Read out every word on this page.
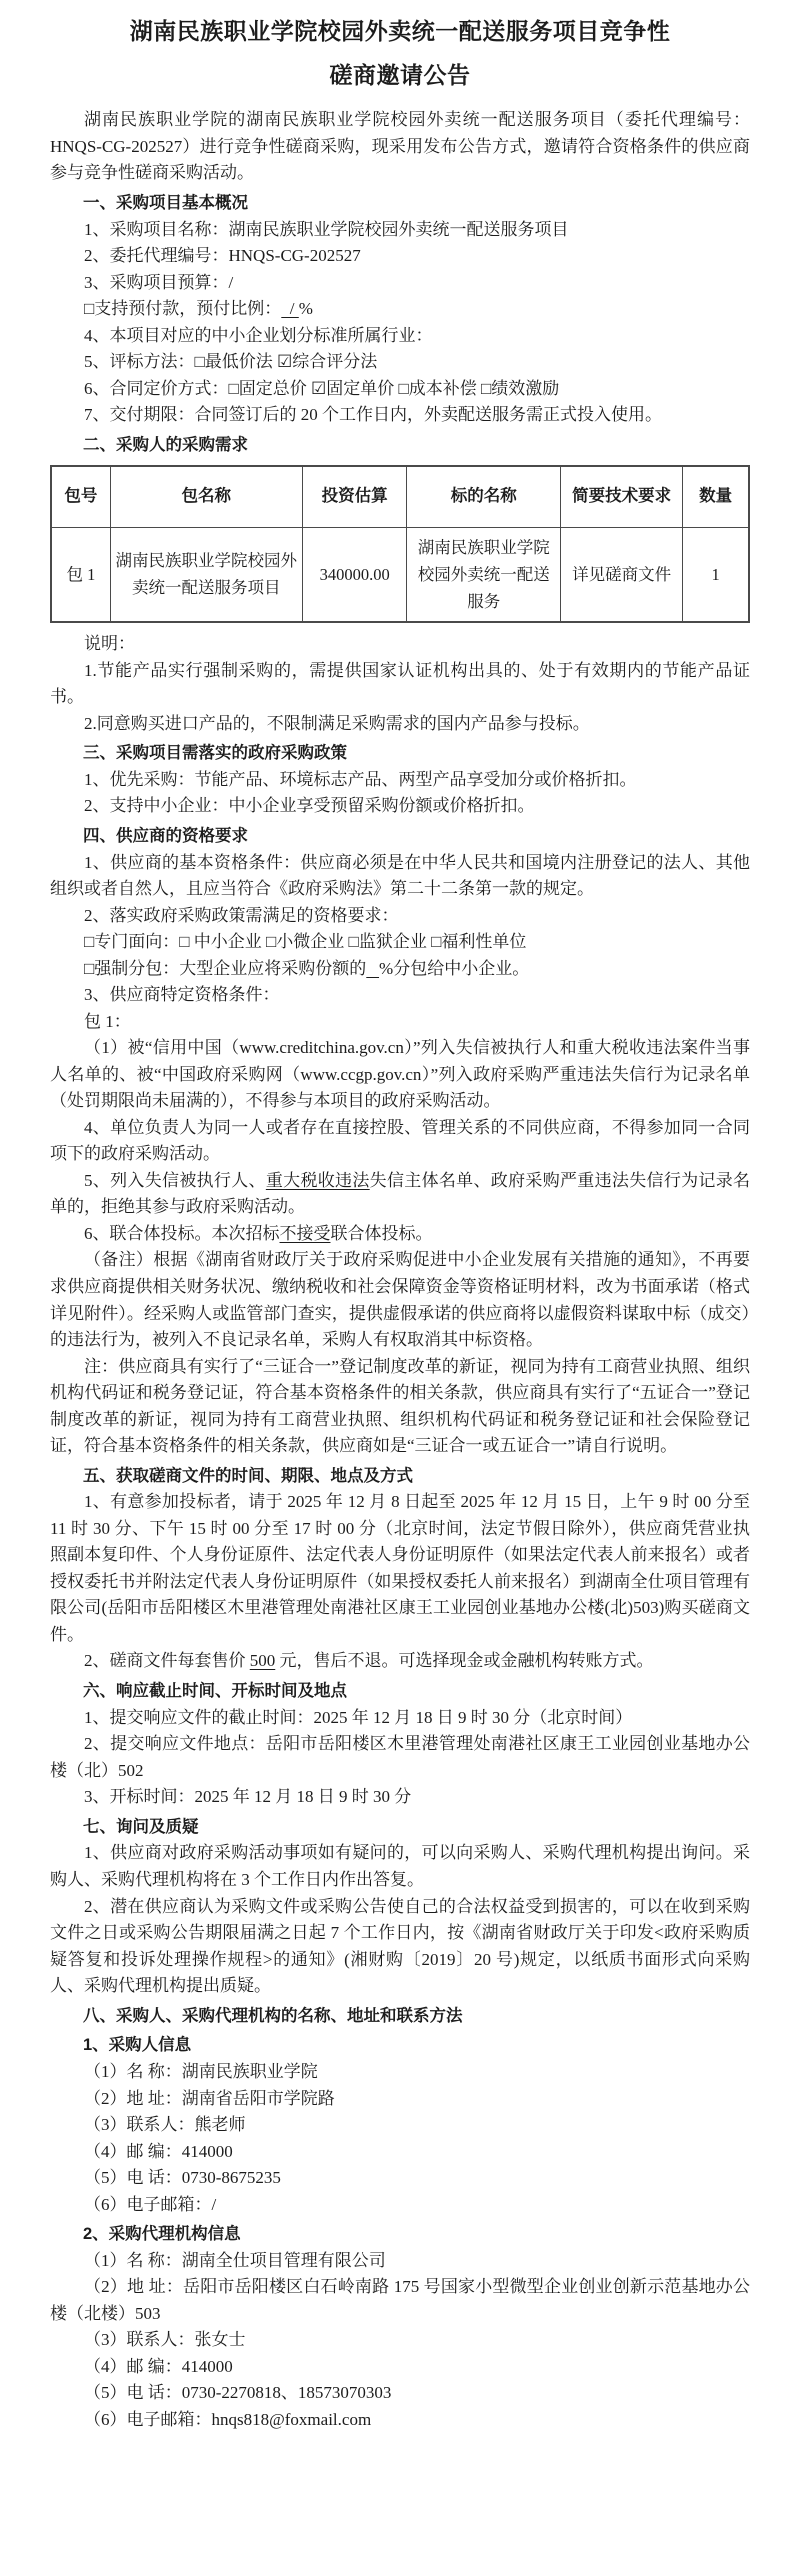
湖南民族职业学院校园外卖统一配送服务项目竞争性
磋商邀请公告

湖南民族职业学院的湖南民族职业学院校园外卖统一配送服务项目（委托代理编号：HNQS-CG-202527）进行竞争性磋商采购，现采用发布公告方式，邀请符合资格条件的供应商参与竞争性磋商采购活动。

一、采购项目基本概况

1、采购项目名称：湖南民族职业学院校园外卖统一配送服务项目

2、委托代理编号：HNQS-CG-202527

3、采购项目预算：/

□支持预付款，预付比例：  / %

4、本项目对应的中小企业划分标准所属行业：

5、评标方法：□最低价法 ☑综合评分法

6、合同定价方式：□固定总价 ☑固定单价 □成本补偿 □绩效激励

7、交付期限：合同签订后的 20 个工作日内，外卖配送服务需正式投入使用。

二、采购人的采购需求

包号	包名称	投资估算	标的名称	简要技术要求	数量
包 1	湖南民族职业学院校园外卖统一配送服务项目	340000.00	湖南民族职业学院校园外卖统一配送服务	详见磋商文件	1

说明：

1.节能产品实行强制采购的，需提供国家认证机构出具的、处于有效期内的节能产品证书。

2.同意购买进口产品的，不限制满足采购需求的国内产品参与投标。

三、采购项目需落实的政府采购政策

1、优先采购：节能产品、环境标志产品、两型产品享受加分或价格折扣。

2、支持中小企业：中小企业享受预留采购份额或价格折扣。

四、供应商的资格要求

1、供应商的基本资格条件：供应商必须是在中华人民共和国境内注册登记的法人、其他组织或者自然人，且应当符合《政府采购法》第二十二条第一款的规定。

2、落实政府采购政策需满足的资格要求：

□专门面向：□ 中小企业 □小微企业 □监狱企业 □福利性单位

□强制分包：大型企业应将采购份额的 %分包给中小企业。

3、供应商特定资格条件：

包 1：

（1）被“信用中国（www.creditchina.gov.cn）”列入失信被执行人和重大税收违法案件当事人名单的、被“中国政府采购网（www.ccgp.gov.cn）”列入政府采购严重违法失信行为记录名单（处罚期限尚未届满的），不得参与本项目的政府采购活动。

4、单位负责人为同一人或者存在直接控股、管理关系的不同供应商，不得参加同一合同项下的政府采购活动。

5、列入失信被执行人、重大税收违法失信主体名单、政府采购严重违法失信行为记录名单的，拒绝其参与政府采购活动。

6、联合体投标。本次招标不接受联合体投标。

（备注）根据《湖南省财政厅关于政府采购促进中小企业发展有关措施的通知》，不再要求供应商提供相关财务状况、缴纳税收和社会保障资金等资格证明材料，改为书面承诺（格式详见附件）。经采购人或监管部门查实，提供虚假承诺的供应商将以虚假资料谋取中标（成交）的违法行为，被列入不良记录名单，采购人有权取消其中标资格。

注：供应商具有实行了“三证合一”登记制度改革的新证，视同为持有工商营业执照、组织机构代码证和税务登记证，符合基本资格条件的相关条款，供应商具有实行了“五证合一”登记制度改革的新证，视同为持有工商营业执照、组织机构代码证和税务登记证和社会保险登记证，符合基本资格条件的相关条款，供应商如是“三证合一或五证合一”请自行说明。

五、获取磋商文件的时间、期限、地点及方式

1、有意参加投标者，请于 2025 年 12 月 8 日起至 2025 年 12 月 15 日，上午 9 时 00 分至 11 时 30 分、下午 15 时 00 分至 17 时 00 分（北京时间，法定节假日除外），供应商凭营业执照副本复印件、个人身份证原件、法定代表人身份证明原件（如果法定代表人前来报名）或者授权委托书并附法定代表人身份证明原件（如果授权委托人前来报名）到湖南全仕项目管理有限公司(岳阳市岳阳楼区木里港管理处南港社区康王工业园创业基地办公楼(北)503)购买磋商文件。

2、磋商文件每套售价 500 元，售后不退。可选择现金或金融机构转账方式。

六、响应截止时间、开标时间及地点

1、提交响应文件的截止时间：2025 年 12 月 18 日 9 时 30 分（北京时间）

2、提交响应文件地点：岳阳市岳阳楼区木里港管理处南港社区康王工业园创业基地办公楼（北）502

3、开标时间：2025 年 12 月 18 日 9 时 30 分

七、询问及质疑

1、供应商对政府采购活动事项如有疑问的，可以向采购人、采购代理机构提出询问。采购人、采购代理机构将在 3 个工作日内作出答复。

2、潜在供应商认为采购文件或采购公告使自己的合法权益受到损害的，可以在收到采购文件之日或采购公告期限届满之日起 7 个工作日内，按《湖南省财政厅关于印发<政府采购质疑答复和投诉处理操作规程>的通知》(湘财购〔2019〕20 号)规定，以纸质书面形式向采购人、采购代理机构提出质疑。

八、采购人、采购代理机构的名称、地址和联系方法

1、采购人信息

（1）名 称：湖南民族职业学院

（2）地 址：湖南省岳阳市学院路

（3）联系人：熊老师

（4）邮 编：414000

（5）电 话：0730-8675235

（6）电子邮箱：/

2、采购代理机构信息

（1）名 称：湖南全仕项目管理有限公司

（2）地 址：岳阳市岳阳楼区白石岭南路 175 号国家小型微型企业创业创新示范基地办公楼（北楼）503

（3）联系人：张女士

（4）邮 编：414000

（5）电 话：0730-2270818、18573070303

（6）电子邮箱：hnqs818@foxmail.com
